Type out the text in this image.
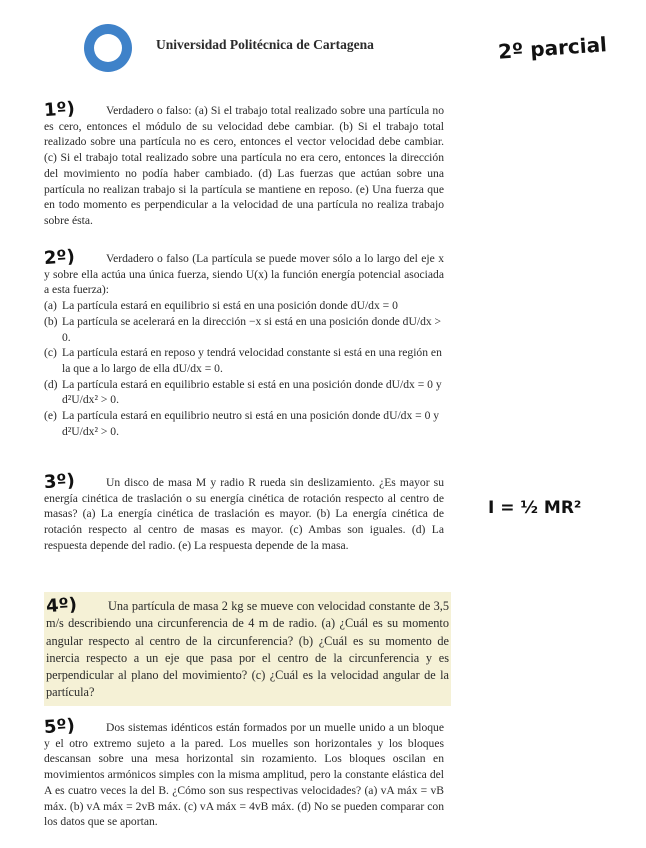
Universidad Politécnica de Cartagena	2º parcial
1º)	Verdadero o falso: (a) Si el trabajo total realizado sobre una partícula no es cero, entonces el módulo de su velocidad debe cambiar. (b) Si el trabajo total realizado sobre una partícula no es cero, entonces el vector velocidad debe cambiar. (c) Si el trabajo total realizado sobre una partícula no era cero, entonces la dirección del movimiento no podía haber cambiado. (d) Las fuerzas que actúan sobre una partícula no realizan trabajo si la partícula se mantiene en reposo. (e) Una fuerza que en todo momento es perpendicular a la velocidad de una partícula no realiza trabajo sobre ésta.
2º)	Verdadero o falso (La partícula se puede mover sólo a lo largo del eje x y sobre ella actúa una única fuerza, siendo U(x) la función energía potencial asociada a esta fuerza):
(a) La partícula estará en equilibrio si está en una posición donde dU/dx = 0
(b) La partícula se acelerará en la dirección −x si está en una posición donde dU/dx > 0.
(c) La partícula estará en reposo y tendrá velocidad constante si está en una región en la que a lo largo de ella dU/dx = 0.
(d) La partícula estará en equilibrio estable si está en una posición donde dU/dx = 0 y d²U/dx² > 0.
(e) La partícula estará en equilibrio neutro si está en una posición donde dU/dx = 0 y d²U/dx² > 0.
3º)	Un disco de masa M y radio R rueda sin deslizamiento. ¿Es mayor su energía cinética de traslación o su energía cinética de rotación respecto al centro de masas? (a) La energía cinética de traslación es mayor. (b) La energía cinética de rotación respecto al centro de masas es mayor. (c) Ambas son iguales. (d) La respuesta depende del radio. (e) La respuesta depende de la masa.
I = ½ MR²
4º) Una partícula de masa 2 kg se mueve con velocidad constante de 3,5 m/s describiendo una circunferencia de 4 m de radio. (a) ¿Cuál es su momento angular respecto al centro de la circunferencia? (b) ¿Cuál es su momento de inercia respecto a un eje que pasa por el centro de la circunferencia y es perpendicular al plano del movimiento? (c) ¿Cuál es la velocidad angular de la partícula?
5º)	Dos sistemas idénticos están formados por un muelle unido a un bloque y el otro extremo sujeto a la pared. Los muelles son horizontales y los bloques descansan sobre una mesa horizontal sin rozamiento. Los bloques oscilan en movimientos armónicos simples con la misma amplitud, pero la constante elástica del A es cuatro veces la del B. ¿Cómo son sus respectivas velocidades? (a) vA máx = vB máx. (b) vA máx = 2vB máx. (c) vA máx = 4vB máx. (d) No se pueden comparar con los datos que se aportan.
